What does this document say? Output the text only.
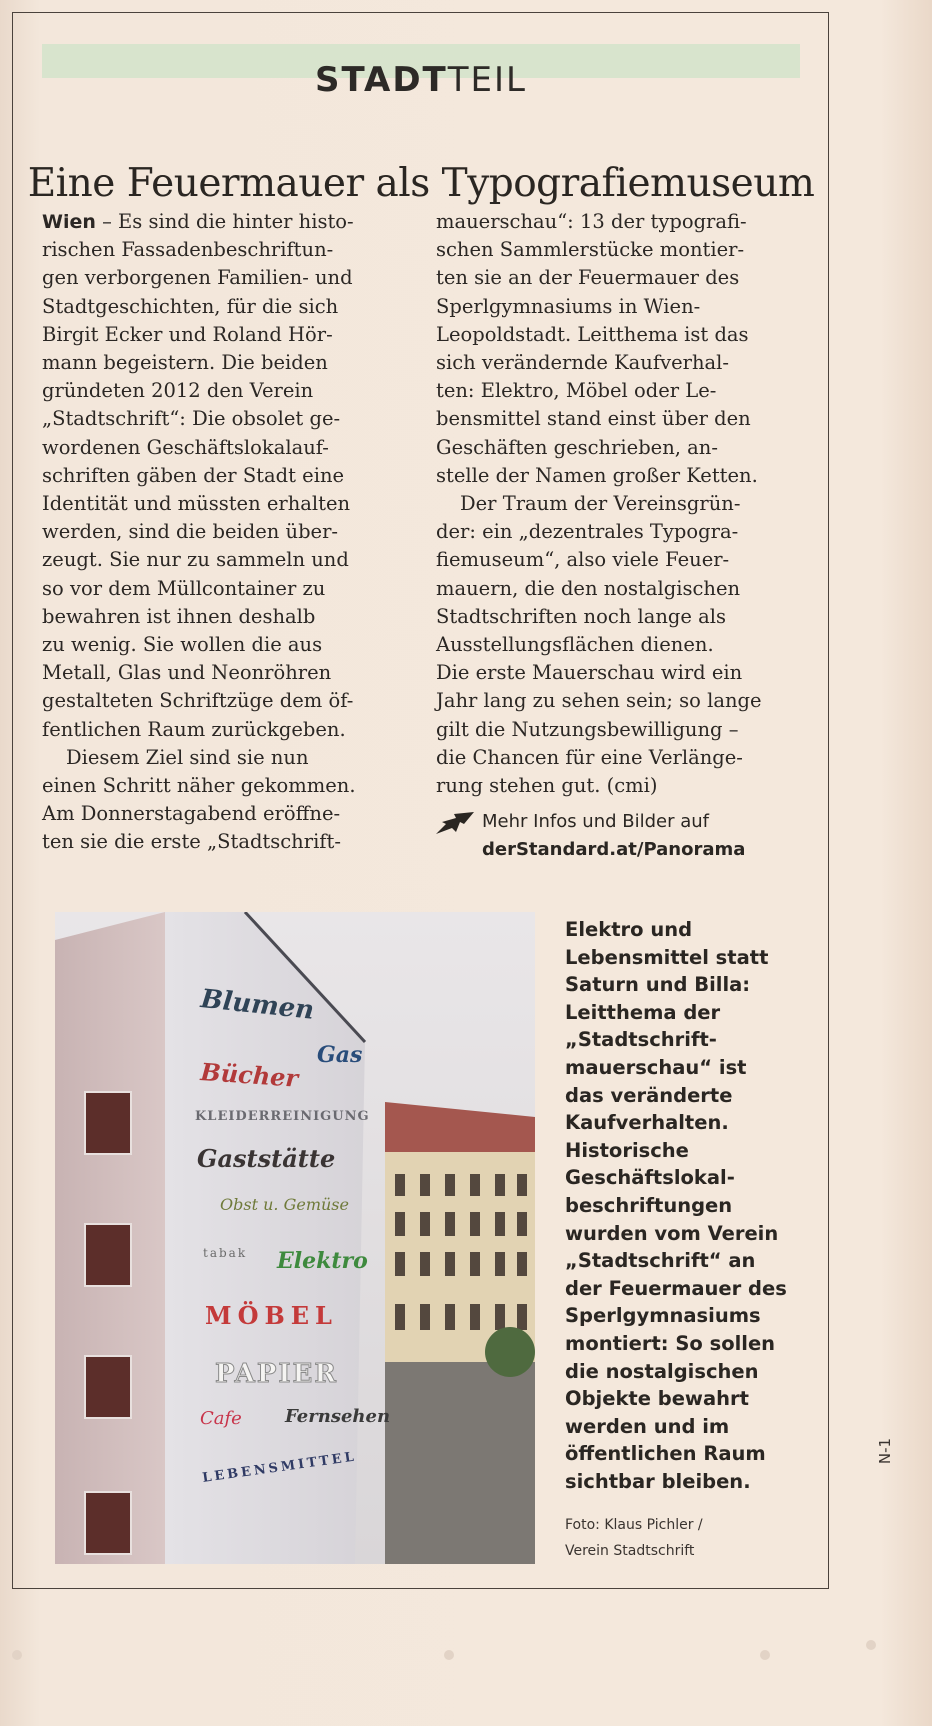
STADTTEIL
Eine Feuermauer als Typografiemuseum

Wien – Es sind die hinter histo-
rischen Fassadenbeschriftun-
gen verborgenen Familien- und
Stadtgeschichten, für die sich
Birgit Ecker und Roland Hör-
mann begeistern. Die beiden
gründeten 2012 den Verein
„Stadtschrift“: Die obsolet ge-
wordenen Geschäftslokalauf-
schriften gäben der Stadt eine
Identität und müssten erhalten
werden, sind die beiden über-
zeugt. Sie nur zu sammeln und
so vor dem Müllcontainer zu
bewahren ist ihnen deshalb
zu wenig. Sie wollen die aus
Metall, Glas und Neonröhren
gestalteten Schriftzüge dem öf-
fentlichen Raum zurückgeben.

Diesem Ziel sind sie nun
einen Schritt näher gekommen.
Am Donnerstagabend eröffne-
ten sie die erste „Stadtschrift-

mauerschau“: 13 der typografi-
schen Sammlerstücke montier-
ten sie an der Feuermauer des
Sperlgymnasiums in Wien-
Leopoldstadt. Leitthema ist das
sich verändernde Kaufverhal-
ten: Elektro, Möbel oder Le-
bensmittel stand einst über den
Geschäften geschrieben, an-
stelle der Namen großer Ketten.

Der Traum der Vereinsgrün-
der: ein „dezentrales Typogra-
fiemuseum“, also viele Feuer-
mauern, die den nostalgischen
Stadtschriften noch lange als
Ausstellungsflächen dienen.
Die erste Mauerschau wird ein
Jahr lang zu sehen sein; so lange
gilt die Nutzungsbewilligung –
die Chancen für eine Verlänge-
rung stehen gut. (cmi)

Mehr Infos und Bilder auf
derStandard.at/Panorama
Blumen
Gas
Bücher
KLEIDERREINIGUNG
Gaststätte
Obst u. Gemüse
tabak Elektro
MÖBEL
PAPIER
Cafe Fernsehen
LEBENSMITTEL
Elektro und
Lebensmittel statt
Saturn und Billa:
Leitthema der
„Stadtschrift-
mauerschau“ ist
das veränderte
Kaufverhalten.
Historische
Geschäftslokal-
beschriftungen
wurden vom Verein
„Stadtschrift“ an
der Feuermauer des
Sperlgymnasiums
montiert: So sollen
die nostalgischen
Objekte bewahrt
werden und im
öffentlichen Raum
sichtbar bleiben.
Foto: Klaus Pichler /
Verein Stadtschrift
N-1
